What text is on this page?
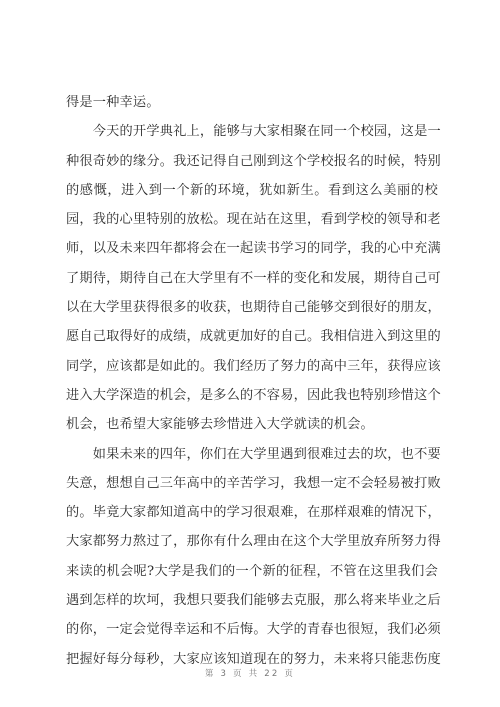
得是一种幸运。
　　今天的开学典礼上，能够与大家相聚在同一个校园，这是一
种很奇妙的缘分。我还记得自己刚到这个学校报名的时候，特别
的感慨，进入到一个新的环境，犹如新生。看到这么美丽的校
园，我的心里特别的放松。现在站在这里，看到学校的领导和老
师，以及未来四年都将会在一起读书学习的同学，我的心中充满
了期待，期待自己在大学里有不一样的变化和发展，期待自己可
以在大学里获得很多的收获，也期待自己能够交到很好的朋友，
愿自己取得好的成绩，成就更加好的自己。我相信进入到这里的
同学，应该都是如此的。我们经历了努力的高中三年，获得应该
进入大学深造的机会，是多么的不容易，因此我也特别珍惜这个
机会，也希望大家能够去珍惜进入大学就读的机会。
　　如果未来的四年，你们在大学里遇到很难过去的坎，也不要
失意，想想自己三年高中的辛苦学习，我想一定不会轻易被打败
的。毕竟大家都知道高中的学习很艰难，在那样艰难的情况下，
大家都努力熬过了，那你有什么理由在这个大学里放弃所努力得
来读的机会呢?大学是我们的一个新的征程，不管在这里我们会
遇到怎样的坎坷，我想只要我们能够去克服，那么将来毕业之后
的你，一定会觉得幸运和不后悔。大学的青春也很短，我们必须
把握好每分每秒，大家应该知道现在的努力，未来将只能悲伤度
第 3 页 共 22 页
